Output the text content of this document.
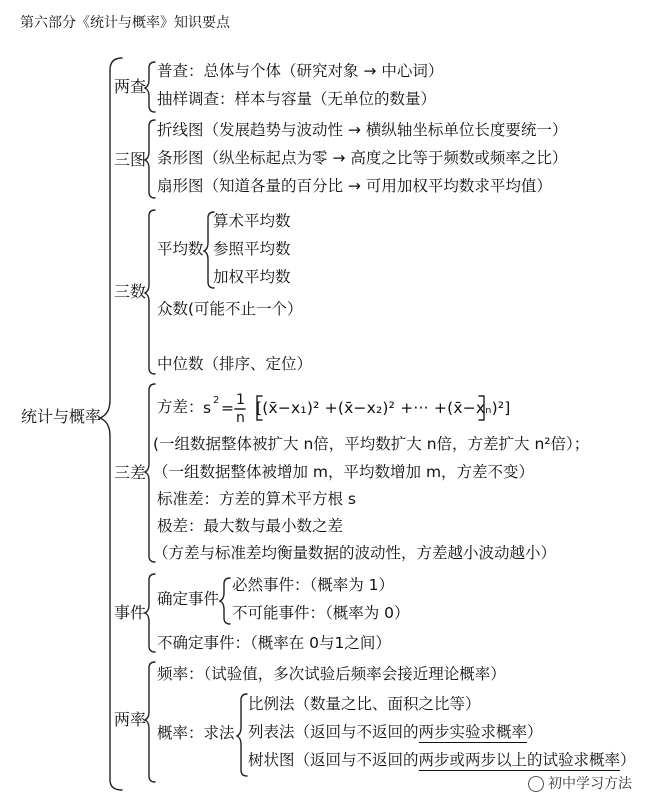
第六部分《统计与概率》知识要点
统计与概率
两查
普查：总体与个体（研究对象 → 中心词）
抽样调查：样本与容量（无单位的数量）
三图
折线图（发展趋势与波动性 → 横纵轴坐标单位长度要统一）
条形图（纵坐标起点为零 → 高度之比等于频数或频率之比）
扇形图（知道各量的百分比 → 可用加权平均数求平均值）
三数
平均数
算术平均数
参照平均数
加权平均数
众数(可能不止一个）
中位数（排序、定位）
三差
方差： s 2 = 1
n
[(x̄−x₁)² +(x̄−x₂)² +··· +(x̄−xₙ)²]
(一组数据整体被扩大 n倍，平均数扩大 n倍，方差扩大 n²倍）；
（一组数据整体被增加 m，平均数增加 m，方差不变）
标准差：方差的算术平方根 s
极差：最大数与最小数之差
（方差与标准差均衡量数据的波动性，方差越小波动越小）
事件
确定事件
必然事件：（概率为 1）
不可能事件：（概率为 0）
不确定事件：（概率在 0与1之间）
两率
频率：（试验值，多次试验后频率会接近理论概率）
概率：求法
比例法（数量之比、面积之比等）
列表法（返回与不返回的两步实验求概率）
树状图（返回与不返回的两步或两步以上的试验求概率）
初中学习方法
